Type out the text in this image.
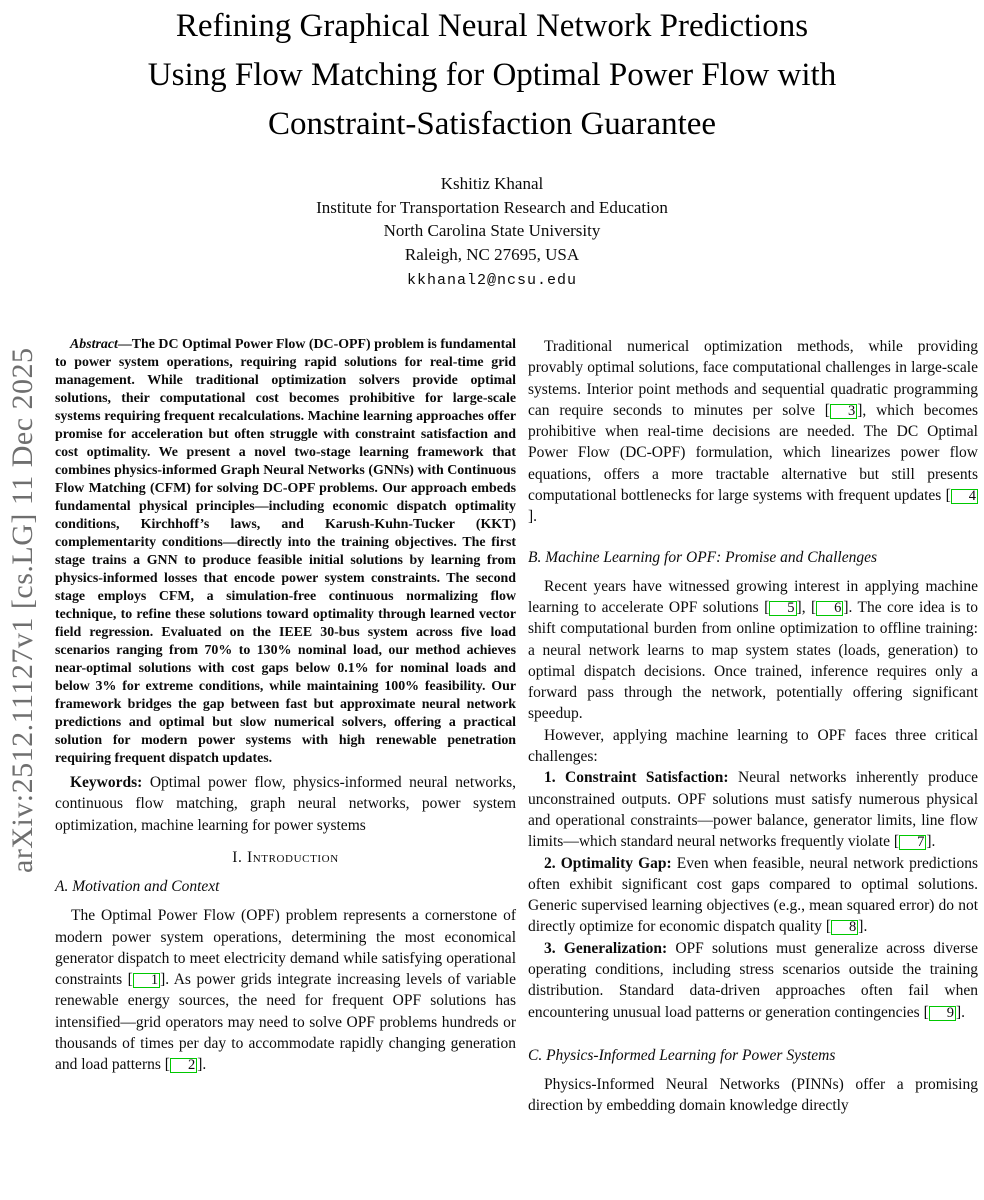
arXiv:2512.11127v1 [cs.LG] 11 Dec 2025
Refining Graphical Neural Network Predictions
Using Flow Matching for Optimal Power Flow with
Constraint-Satisfaction Guarantee
Kshitiz Khanal
Institute for Transportation Research and Education
North Carolina State University
Raleigh, NC 27695, USA
kkhanal2@ncsu.edu
Abstract—The DC Optimal Power Flow (DC-OPF) problem is fundamental to power system operations, requiring rapid solutions for real-time grid management. While traditional optimization solvers provide optimal solutions, their computational cost becomes prohibitive for large-scale systems requiring frequent recalculations. Machine learning approaches offer promise for acceleration but often struggle with constraint satisfaction and cost optimality. We present a novel two-stage learning framework that combines physics-informed Graph Neural Networks (GNNs) with Continuous Flow Matching (CFM) for solving DC-OPF problems. Our approach embeds fundamental physical principles—including economic dispatch optimality conditions, Kirchhoff’s laws, and Karush-Kuhn-Tucker (KKT) complementarity conditions—directly into the training objectives. The first stage trains a GNN to produce feasible initial solutions by learning from physics-informed losses that encode power system constraints. The second stage employs CFM, a simulation-free continuous normalizing flow technique, to refine these solutions toward optimality through learned vector field regression. Evaluated on the IEEE 30-bus system across five load scenarios ranging from 70% to 130% nominal load, our method achieves near-optimal solutions with cost gaps below 0.1% for nominal loads and below 3% for extreme conditions, while maintaining 100% feasibility. Our framework bridges the gap between fast but approximate neural network predictions and optimal but slow numerical solvers, offering a practical solution for modern power systems with high renewable penetration requiring frequent dispatch updates.
Keywords: Optimal power flow, physics-informed neural networks, continuous flow matching, graph neural networks, power system optimization, machine learning for power systems
I. Introduction
A. Motivation and Context
The Optimal Power Flow (OPF) problem represents a cornerstone of modern power system operations, determining the most economical generator dispatch to meet electricity demand while satisfying operational constraints [ 1 ]. As power grids integrate increasing levels of variable renewable energy sources, the need for frequent OPF solutions has intensified—grid operators may need to solve OPF problems hundreds or thousands of times per day to accommodate rapidly changing generation and load patterns [ 2 ].
Traditional numerical optimization methods, while providing provably optimal solutions, face computational challenges in large-scale systems. Interior point methods and sequential quadratic programming can require seconds to minutes per solve [ 3 ], which becomes prohibitive when real-time decisions are needed. The DC Optimal Power Flow (DC-OPF) formulation, which linearizes power flow equations, offers a more tractable alternative but still presents computational bottlenecks for large systems with frequent updates [ 4].
B. Machine Learning for OPF: Promise and Challenges
Recent years have witnessed growing interest in applying machine learning to accelerate OPF solutions [ 5 ], [ 6 ]. The core idea is to shift computational burden from online optimization to offline training: a neural network learns to map system states (loads, generation) to optimal dispatch decisions. Once trained, inference requires only a forward pass through the network, potentially offering significant speedup.
However, applying machine learning to OPF faces three critical challenges:
1. Constraint Satisfaction: Neural networks inherently produce unconstrained outputs. OPF solutions must satisfy numerous physical and operational constraints—power balance, generator limits, line flow limits—which standard neural networks frequently violate [ 7 ].
2. Optimality Gap: Even when feasible, neural network predictions often exhibit significant cost gaps compared to optimal solutions. Generic supervised learning objectives (e.g., mean squared error) do not directly optimize for economic dispatch quality [ 8 ].
3. Generalization: OPF solutions must generalize across diverse operating conditions, including stress scenarios outside the training distribution. Standard data-driven approaches often fail when encountering unusual load patterns or generation contingencies [ 9 ].
C. Physics-Informed Learning for Power Systems
Physics-Informed Neural Networks (PINNs) offer a promising direction by embedding domain knowledge directly
